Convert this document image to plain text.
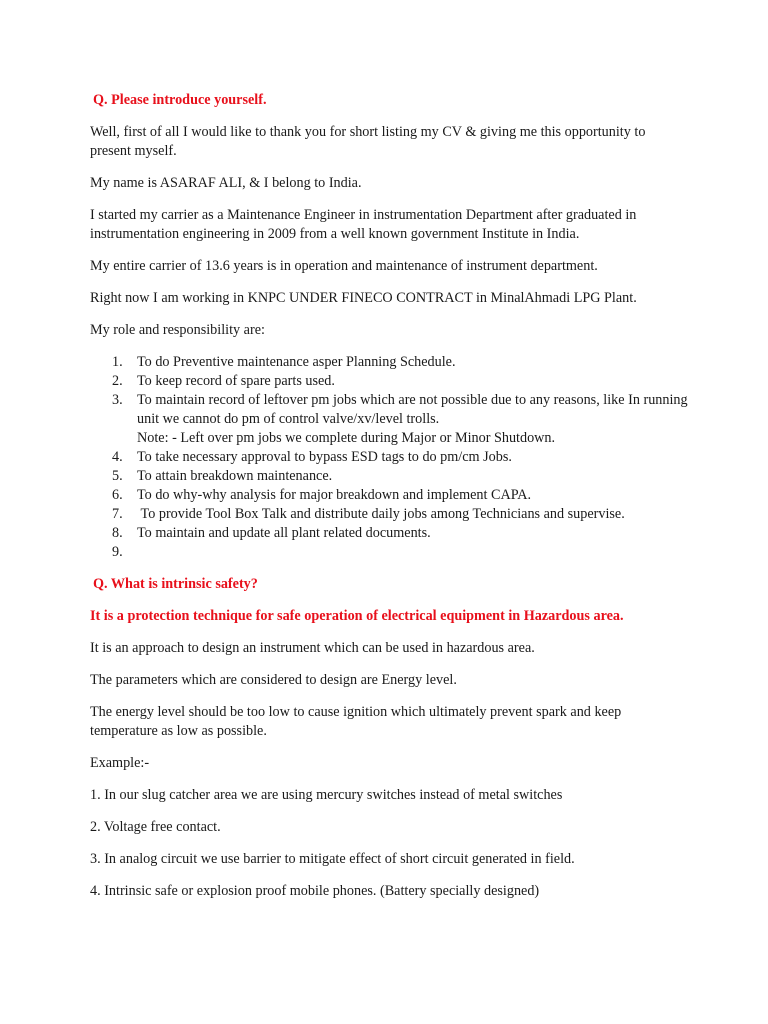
Q. Please introduce yourself.

Well, first of all I would like to thank you for short listing my CV & giving me this opportunity to present myself.

My name is ASARAF ALI, & I belong to India.

I started my carrier as a Maintenance Engineer in instrumentation Department after graduated in instrumentation engineering in 2009 from a well known government Institute in India.

My entire carrier of 13.6 years is in operation and maintenance of instrument department.

Right now I am working in KNPC UNDER FINECO CONTRACT in MinalAhmadi LPG Plant.

My role and responsibility are:

1.	To do Preventive maintenance asper Planning Schedule.
2.	To keep record of spare parts used.
3.	To maintain record of leftover pm jobs which are not possible due to any reasons, like In running unit we cannot do pm of control valve/xv/level trolls.
Note: - Left over pm jobs we complete during Major or Minor Shutdown.
4.	To take necessary approval to bypass ESD tags to do pm/cm Jobs.
5.	To attain breakdown maintenance.
6.	To do why-why analysis for major breakdown and implement CAPA.
7.	To provide Tool Box Talk and distribute daily jobs among Technicians and supervise.
8.	To maintain and update all plant related documents.
9.

Q. What is intrinsic safety?

It is a protection technique for safe operation of electrical equipment in Hazardous area.

It is an approach to design an instrument which can be used in hazardous area.

The parameters which are considered to design are Energy level.

The energy level should be too low to cause ignition which ultimately prevent spark and keep temperature as low as possible.

Example:-

1. In our slug catcher area we are using mercury switches instead of metal switches

2. Voltage free contact.

3. In analog circuit we use barrier to mitigate effect of short circuit generated in field.

4. Intrinsic safe or explosion proof mobile phones. (Battery specially designed)
